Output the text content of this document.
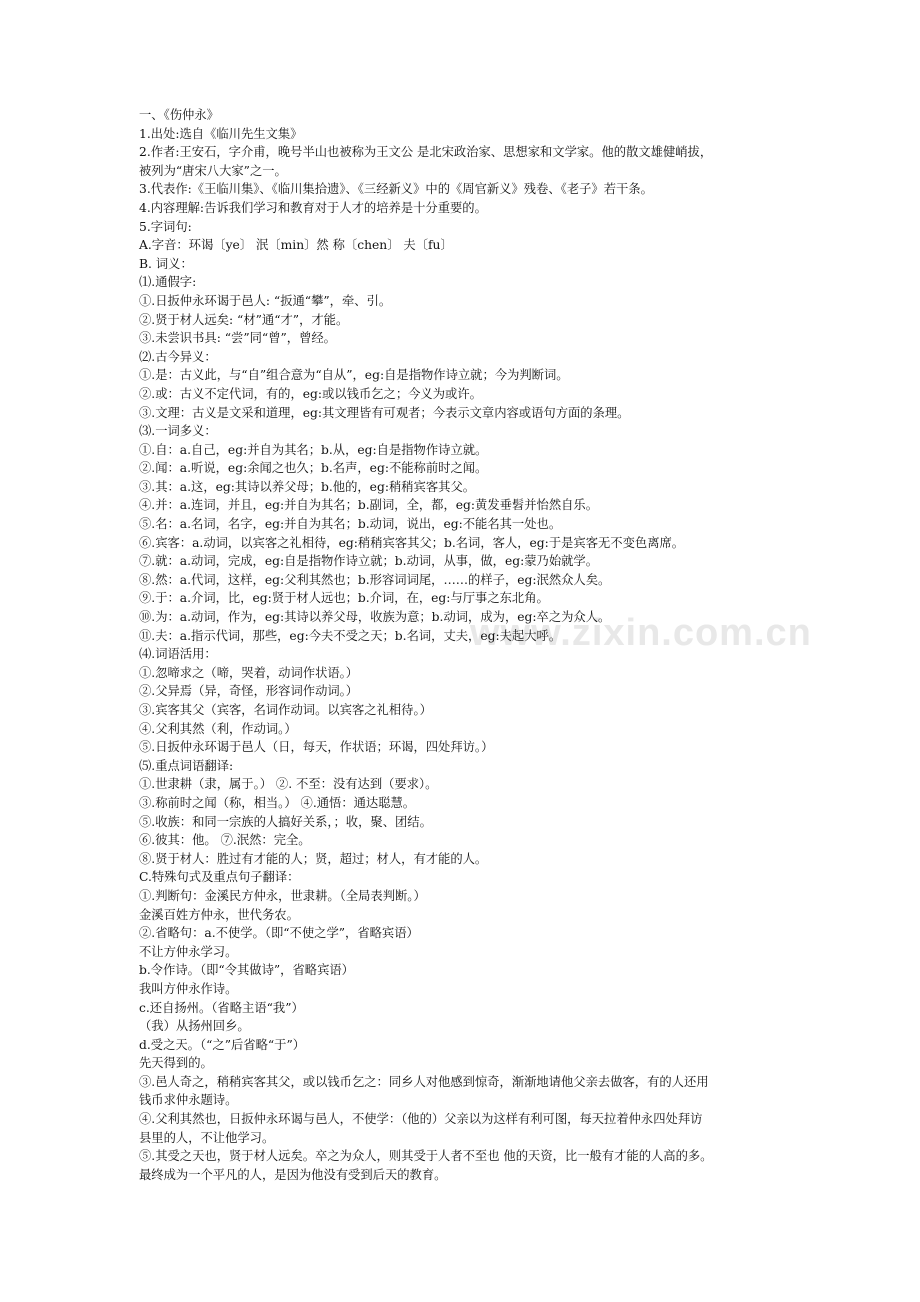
www.zixin.com.cn
一、《伤仲永》
1.出处:选自《临川先生文集》
2.作者:王安石，字介甫，晚号半山也被称为王文公 是北宋政治家、思想家和文学家。他的散文雄健峭拔，
被列为“唐宋八大家”之一。
3.代表作:《王临川集》、《临川集拾遗》、《三经新义》中的《周官新义》残卷、《老子》若干条。
4.内容理解:告诉我们学习和教育对于人才的培养是十分重要的。
5.字词句:
A.字音：环谒〔ye〕 泯〔min〕然 称〔chen〕 夫〔fu〕
B. 词义：
⑴.通假字:
①.日扳仲永环谒于邑人: “扳通“攀”，牵、引。
②.贤于材人远矣: “材”通“才”，才能。
③.未尝识书具: “尝”同“曾”，曾经。
⑵.古今异义：
①.是：古义此，与“自”组合意为“自从”，eg:自是指物作诗立就；今为判断词。
②.或：古义不定代词，有的，eg:或以钱币乞之；今义为或许。
③.文理：古义是文采和道理，eg:其文理皆有可观者；今表示文章内容或语句方面的条理。
⑶.一词多义：
①.自：a.自己，eg:并自为其名；b.从，eg:自是指物作诗立就。
②.闻：a.听说，eg:余闻之也久；b.名声，eg:不能称前时之闻。
③.其：a.这，eg:其诗以养父母；b.他的，eg:稍稍宾客其父。
④.并：a.连词，并且，eg:并自为其名；b.副词，全，都，eg:黄发垂髫并怡然自乐。
⑤.名：a.名词，名字，eg:并自为其名；b.动词，说出，eg:不能名其一处也。
⑥.宾客：a.动词，以宾客之礼相待，eg:稍稍宾客其父；b.名词，客人，eg:于是宾客无不变色离席。
⑦.就：a.动词，完成，eg:自是指物作诗立就；b.动词，从事，做，eg:蒙乃始就学。
⑧.然：a.代词，这样，eg:父利其然也；b.形容词词尾，……的样子，eg:泯然众人矣。
⑨.于：a.介词，比，eg:贤于材人远也；b.介词，在，eg:与厅事之东北角。
⑩.为：a.动词，作为，eg:其诗以养父母，收族为意；b.动词，成为，eg:卒之为众人。
⑪.夫：a.指示代词，那些，eg:今夫不受之天；b.名词，丈夫，eg:夫起大呼。
⑷.词语活用：
①.忽啼求之（啼，哭着，动词作状语。）
②.父异焉（异，奇怪，形容词作动词。）
③.宾客其父（宾客，名词作动词。以宾客之礼相待。）
④.父利其然（利，作动词。）
⑤.日扳仲永环谒于邑人（日，每天，作状语；环谒，四处拜访。）
⑸.重点词语翻译:
①.世隶耕（隶，属于。） ②. 不至：没有达到（要求）。
③.称前时之闻（称，相当。） ④.通悟：通达聪慧。
⑤.收族：和同一宗族的人搞好关系，；收，聚、团结。
⑥.彼其：他。 ⑦.泯然：完全。
⑧.贤于材人：胜过有才能的人；贤，超过；材人，有才能的人。
C.特殊句式及重点句子翻译：
①.判断句：金溪民方仲永，世隶耕。（全局表判断。）
金溪百姓方仲永，世代务农。
②.省略句：a.不使学。（即“不使之学”，省略宾语）
不让方仲永学习。
b.令作诗。（即“令其做诗”，省略宾语）
我叫方仲永作诗。
c.还自扬州。（省略主语“我”）
（我）从扬州回乡。
d.受之天。（“之”后省略“于”）
先天得到的。
③.邑人奇之，稍稍宾客其父，或以钱币乞之：同乡人对他感到惊奇，渐渐地请他父亲去做客，有的人还用
钱币求仲永题诗。
④.父利其然也，日扳仲永环谒与邑人，不使学：（他的）父亲以为这样有利可图，每天拉着仲永四处拜访
县里的人，不让他学习。
⑤.其受之天也，贤于材人远矣。卒之为众人，则其受于人者不至也 他的天资，比一般有才能的人高的多。
最终成为一个平凡的人，是因为他没有受到后天的教育。
